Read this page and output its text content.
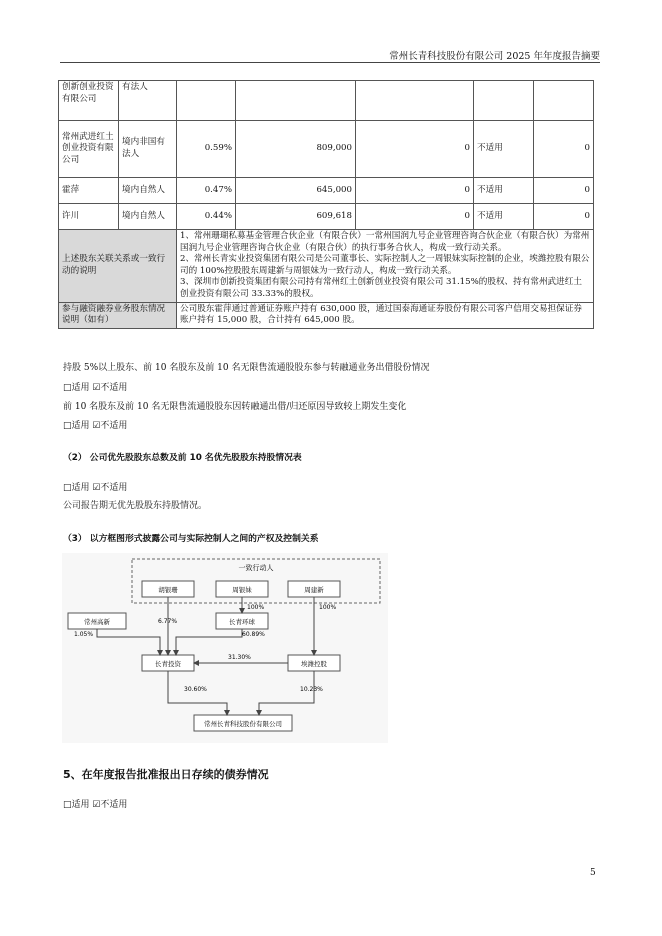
常州长青科技股份有限公司 2025 年年度报告摘要
创新创业投资有限公司	有法人					
常州武进红土创业投资有限公司	境内非国有法人	0.59%	809,000	0	不适用	0
霍萍	境内自然人	0.47%	645,000	0	不适用	0
许川	境内自然人	0.44%	609,618	0	不适用	0
上述股东关联关系或一致行动的说明		1、常州珊瑚私募基金管理合伙企业（有限合伙）一常州国润九号企业管理咨询合伙企业（有限合伙）为常州国润九号企业管理咨询合伙企业（有限合伙）的执行事务合伙人，构成一致行动关系。
2、常州长青实业投资集团有限公司是公司董事长、实际控制人之一周银妹实际控制的企业，埃潍控股有限公司的 100%控股股东周建新与周银妹为一致行动人，构成一致行动关系。
3、深圳市创新投资集团有限公司持有常州红土创新创业投资有限公司 31.15%的股权、持有常州武进红土创业投资有限公司 33.33%的股权。				

参与融资融券业务股东情况说明（如有）		公司股东霍萍通过普通证券账户持有 630,000 股，通过国泰海通证券股份有限公司客户信用交易担保证券账户持有 15,000 股，合计持有 645,000 股。				
持股 5%以上股东、前 10 名股东及前 10 名无限售流通股股东参与转融通业务出借股份情况
□适用 ☑不适用
前 10 名股东及前 10 名无限售流通股股东因转融通出借/归还原因导致较上期发生变化
□适用 ☑不适用
（2） 公司优先股股东总数及前 10 名优先股股东持股情况表
□适用 ☑不适用
公司报告期无优先股股东持股情况。
（3） 以方框图形式披露公司与实际控制人之间的产权及控制关系
一致行动人
胡银珊	周银妹	周建新
常州高新	长青环球
长青投资	埃潍控股
常州长青科技股份有限公司
100%	100%
6.77%
1.05%	60.89%
31.30%
30.60%	10.23%
5、在年度报告批准报出日存续的债券情况
□适用 ☑不适用
5
